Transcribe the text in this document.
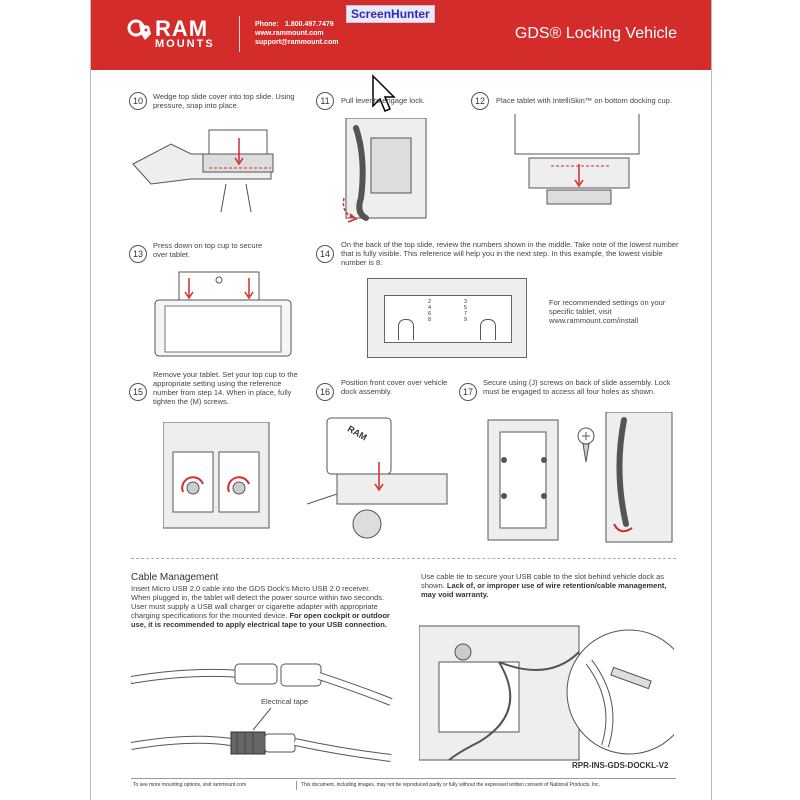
RAM
MOUNTS
Phone: 1.800.497.7479
www.rammount.com
support@rammount.com
GDS® Locking Vehicle
ScreenHunter
10	Wedge top slide cover into top slide. Using pressure, snap into place.	11	Pull lever to engage lock.	12	Place tablet with IntelliSkin™ on bottom docking cup.
13
Press down on top cup to secure over tablet.	14
On the back of the top slide, review the numbers shown in the middle. Take note of the lowest number that is fully visible. This reference will help you in the next step. In this example, the lowest visible number is 8.
2 4 6 8
3 5 7 9
For recommended settings on your specific tablet, visit www.rammount.com/install
15
Remove your tablet. Set your top cup to the appropriate setting using the reference number from step 14. When in place, fully tighten the (M) screws.
16
Position front cover over vehicle dock assembly.
RAM
17
Secure using (J) screws on back of slide assembly. Lock must be engaged to access all four holes as shown.
Cable Management
Insert Micro USB 2.0 cable into the GDS Dock's Micro USB 2.0 receiver. When plugged in, the tablet will detect the power source within two seconds. User must supply a USB wall charger or cigarette adapter with appropriate charging specifications for the mounted device. For open cockpit or outdoor use, it is recommended to apply electrical tape to your USB connection.
Electrical tape
Use cable tie to secure your USB cable to the slot behind vehicle dock as shown. Lack of, or improper use of wire retention/cable management, may void warranty.
RPR-INS-GDS-DOCKL-V2
To see more mounting options, visit rammount.com	This document, including images, may not be reproduced partly or fully without the expressed written consent of National Products, Inc.
